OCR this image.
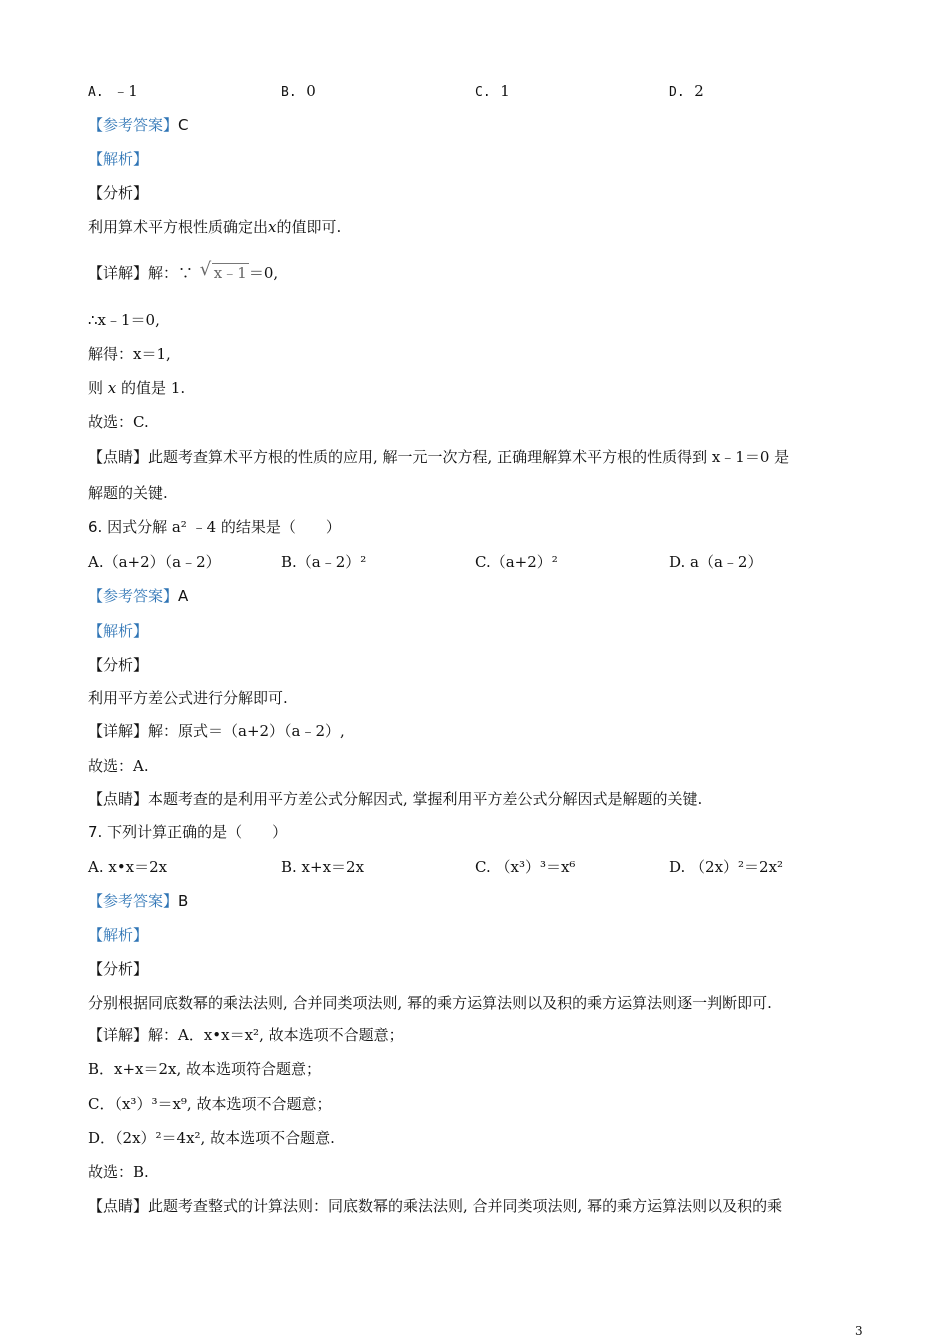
A. ﹣1	B. 0	C. 1	D. 2
【参考答案】C
【解析】
【分析】
利用算术平方根性质确定出x的值即可.
【详解】解：∵ √ x﹣1 ＝0,
∴x﹣1＝0,
解得：x＝1,
则 x 的值是 1.
故选：C.
【点睛】此题考查算术平方根的性质的应用, 解一元一次方程, 正确理解算术平方根的性质得到 x﹣1＝0 是
解题的关键.
6. 因式分解 a² ﹣4 的结果是（　　）
A.（a+2）（a﹣2）	B.（a﹣2）²	C.（a+2）²	D. a（a﹣2）
【参考答案】A
【解析】
【分析】
利用平方差公式进行分解即可.
【详解】解：原式＝（a+2）（a﹣2）,
故选：A.
【点睛】本题考查的是利用平方差公式分解因式, 掌握利用平方差公式分解因式是解题的关键.
7. 下列计算正确的是（　　）
A. x•x＝2x	B. x+x＝2x	C. （x³）³＝x⁶	D. （2x）²＝2x²
【参考答案】B
【解析】
【分析】
分别根据同底数幂的乘法法则, 合并同类项法则, 幂的乘方运算法则以及积的乘方运算法则逐一判断即可.
【详解】解：A．x•x＝x², 故本选项不合题意；
B．x+x＝2x, 故本选项符合题意；
C．（x³）³＝x⁹, 故本选项不合题意；
D．（2x）²＝4x², 故本选项不合题意.
故选：B.
【点睛】此题考查整式的计算法则：同底数幂的乘法法则, 合并同类项法则, 幂的乘方运算法则以及积的乘
3
